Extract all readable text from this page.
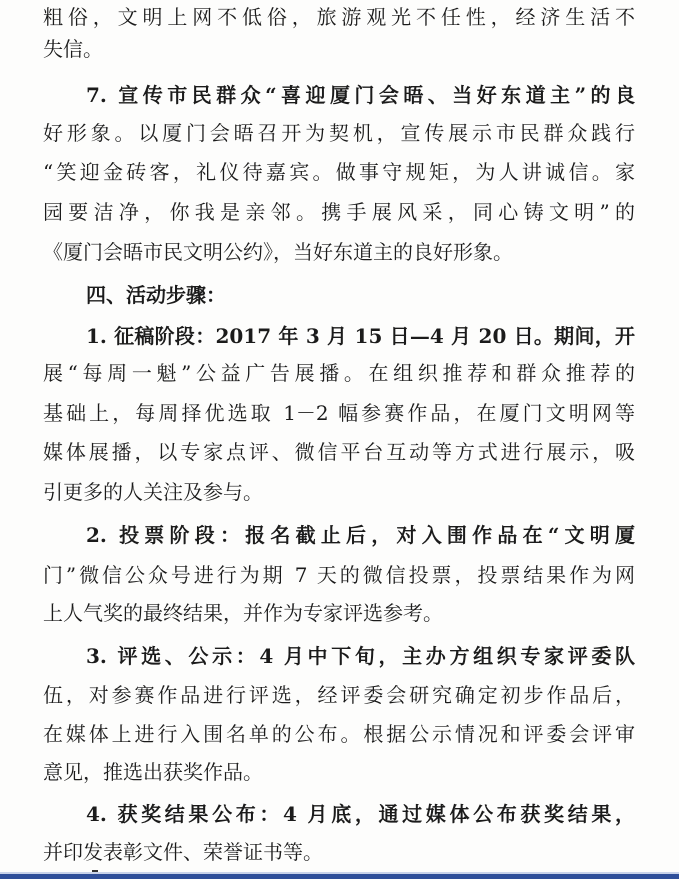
粗俗，文明上网不低俗，旅游观光不任性，经济生活不
失信。
7. 宣传市民群众“喜迎厦门会晤、当好东道主”的良
好形象。以厦门会晤召开为契机，宣传展示市民群众践行
“笑迎金砖客，礼仪待嘉宾。做事守规矩，为人讲诚信。家
园要洁净，你我是亲邻。携手展风采，同心铸文明”的
《厦门会晤市民文明公约》，当好东道主的良好形象。
四、活动步骤：
1. 征稿阶段：2017 年 3 月 15 日—4 月 20 日。期间，开
展“每周一魁”公益广告展播。在组织推荐和群众推荐的
基础上，每周择优选取 1－2 幅参赛作品，在厦门文明网等
媒体展播，以专家点评、微信平台互动等方式进行展示，吸
引更多的人关注及参与。
2. 投票阶段：报名截止后，对入围作品在“文明厦
门”微信公众号进行为期 7 天的微信投票，投票结果作为网
上人气奖的最终结果，并作为专家评选参考。
3. 评选、公示：4 月中下旬，主办方组织专家评委队
伍，对参赛作品进行评选，经评委会研究确定初步作品后，
在媒体上进行入围名单的公布。根据公示情况和评委会评审
意见，推选出获奖作品。
4. 获奖结果公布：4 月底，通过媒体公布获奖结果，
并印发表彰文件、荣誉证书等。
